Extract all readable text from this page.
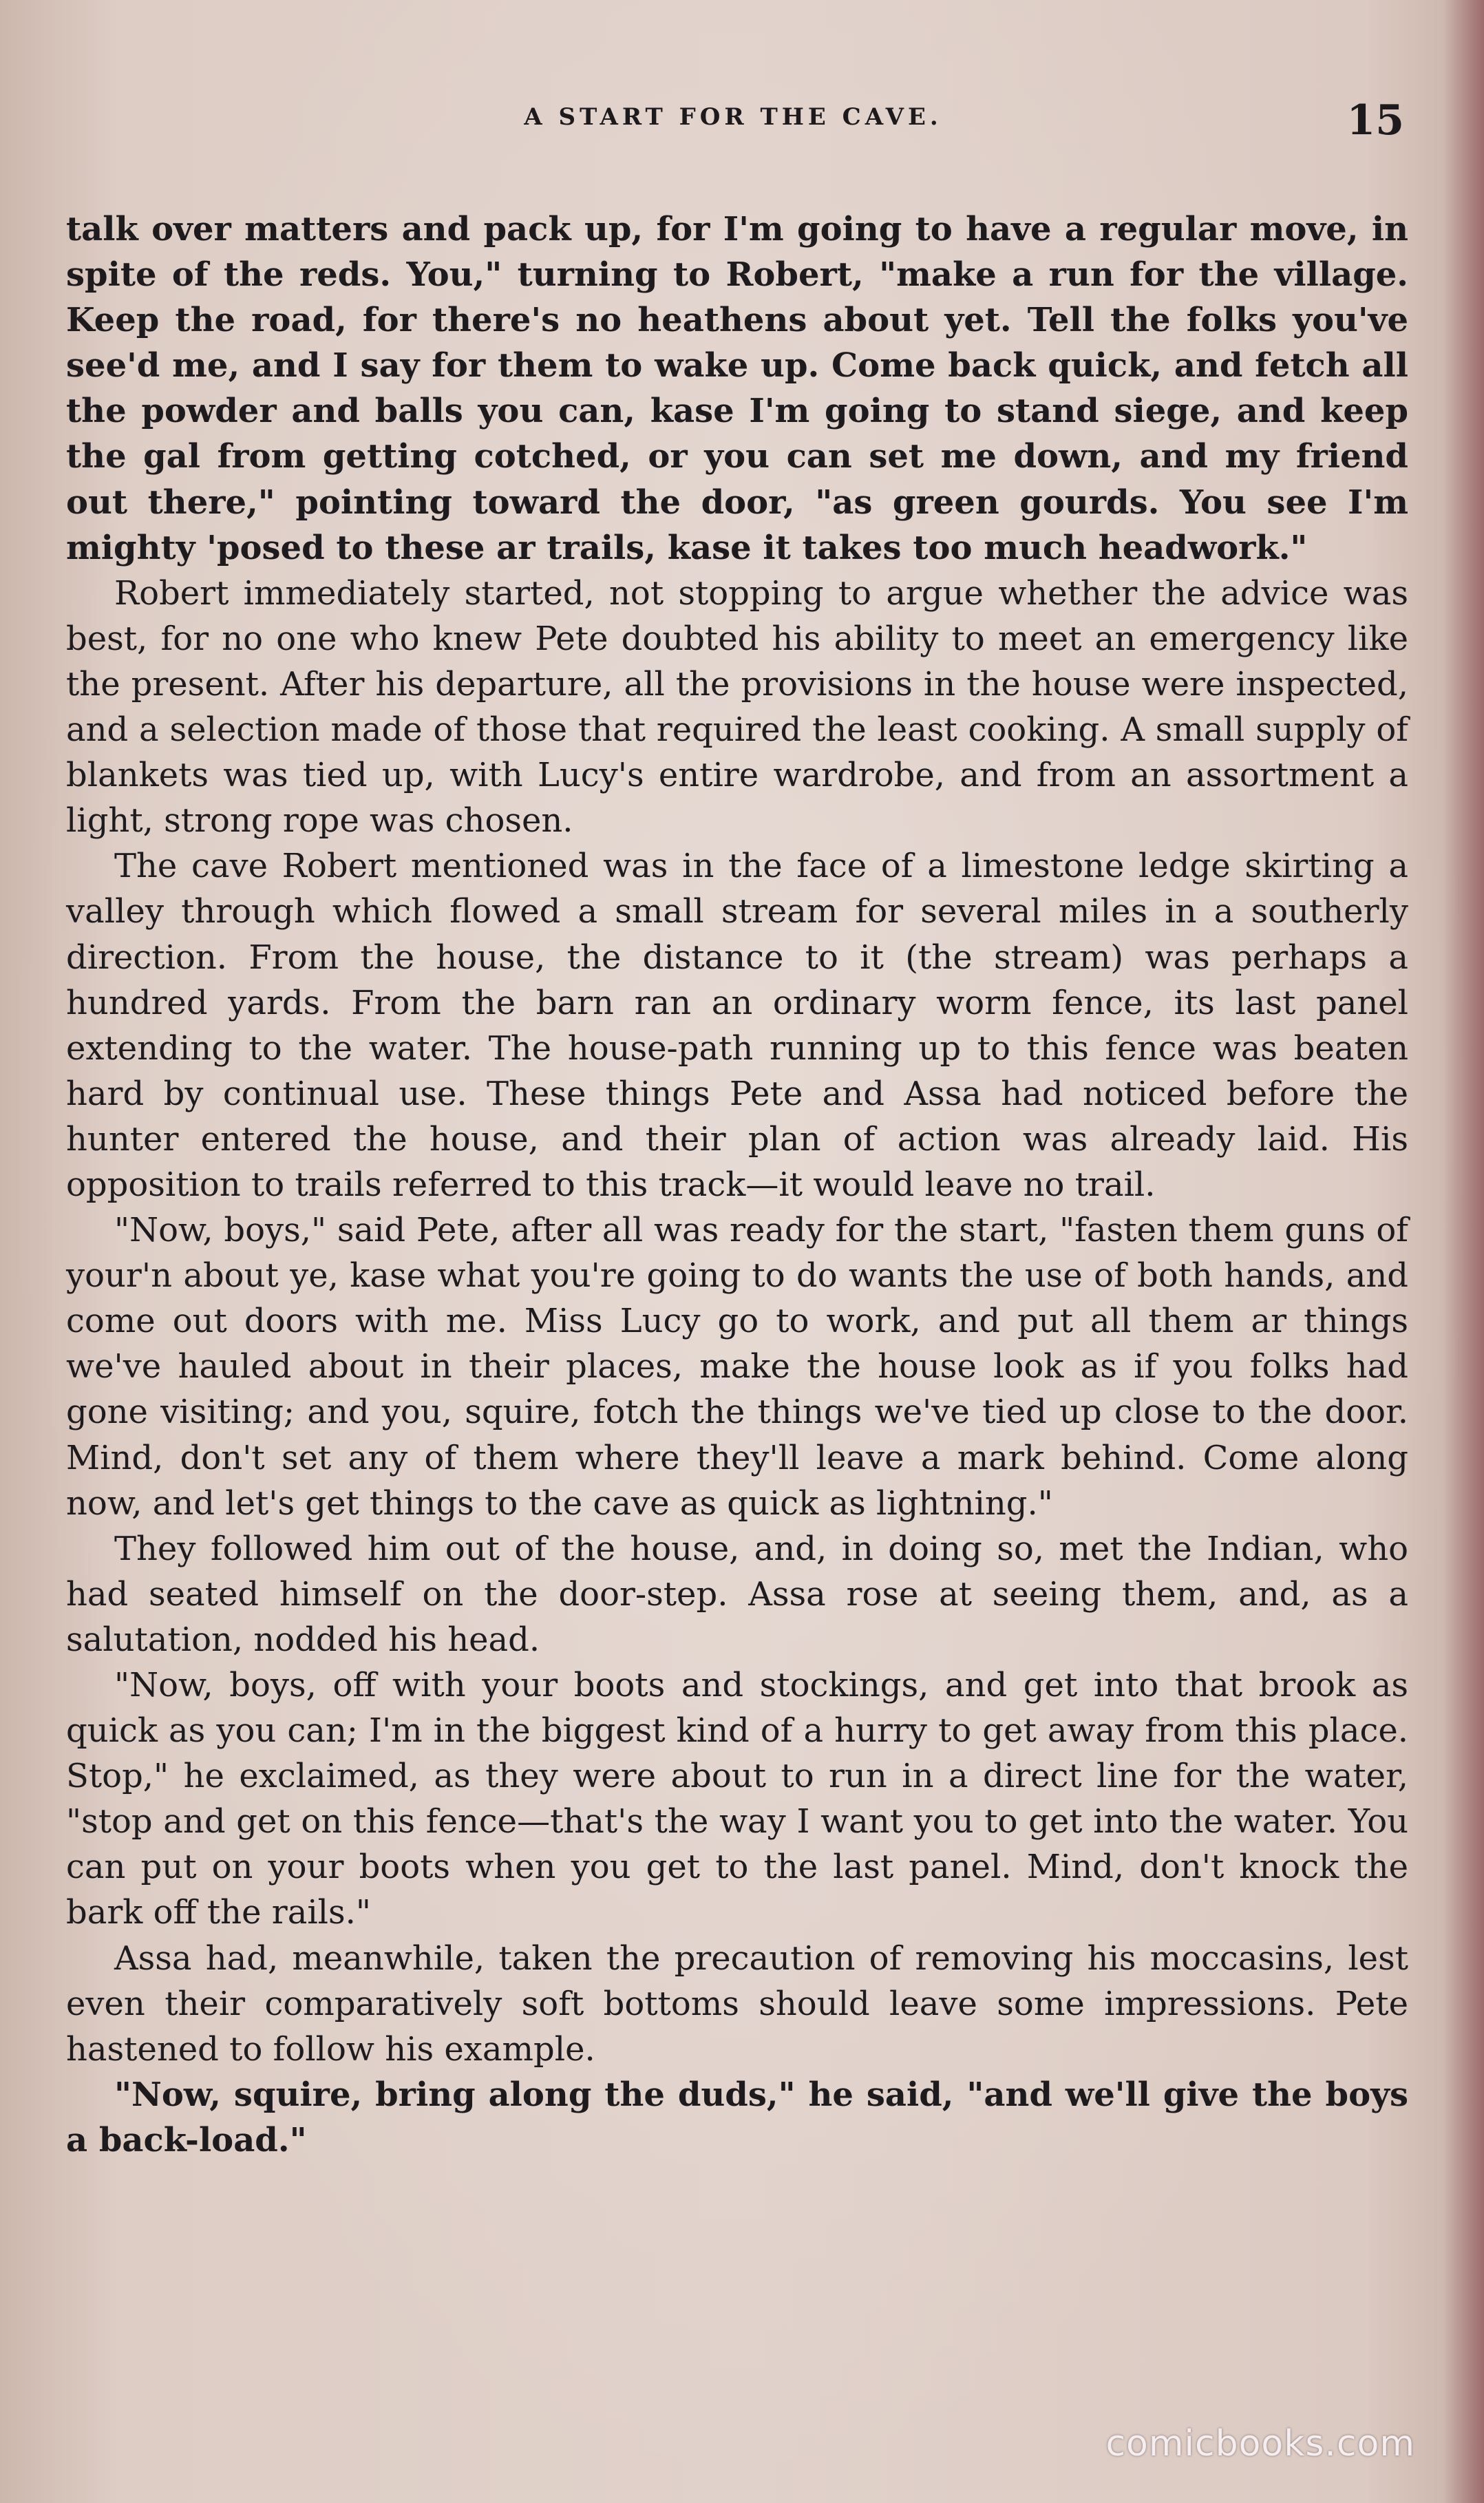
A START FOR THE CAVE.	15

talk over matters and pack up, for I'm going to have a regular move, in spite of the reds. You," turning to Robert, "make a run for the village. Keep the road, for there's no heathens about yet. Tell the folks you've see'd me, and I say for them to wake up. Come back quick, and fetch all the powder and balls you can, kase I'm going to stand siege, and keep the gal from getting cotched, or you can set me down, and my friend out there," pointing toward the door, "as green gourds. You see I'm mighty 'posed to these ar trails, kase it takes too much headwork."

Robert immediately started, not stopping to argue whether the advice was best, for no one who knew Pete doubted his ability to meet an emergency like the present. After his departure, all the provisions in the house were inspected, and a selection made of those that required the least cooking. A small supply of blankets was tied up, with Lucy's entire wardrobe, and from an assortment a light, strong rope was chosen.

The cave Robert mentioned was in the face of a limestone ledge skirting a valley through which flowed a small stream for several miles in a southerly direction. From the house, the distance to it (the stream) was perhaps a hundred yards. From the barn ran an ordinary worm fence, its last panel extending to the water. The house-path running up to this fence was beaten hard by continual use. These things Pete and Assa had noticed before the hunter entered the house, and their plan of action was already laid. His opposition to trails referred to this track—it would leave no trail.

"Now, boys," said Pete, after all was ready for the start, "fasten them guns of your'n about ye, kase what you're going to do wants the use of both hands, and come out doors with me. Miss Lucy go to work, and put all them ar things we've hauled about in their places, make the house look as if you folks had gone visiting; and you, squire, fotch the things we've tied up close to the door. Mind, don't set any of them where they'll leave a mark behind. Come along now, and let's get things to the cave as quick as lightning."

They followed him out of the house, and, in doing so, met the Indian, who had seated himself on the door-step. Assa rose at seeing them, and, as a salutation, nodded his head.

"Now, boys, off with your boots and stockings, and get into that brook as quick as you can; I'm in the biggest kind of a hurry to get away from this place. Stop," he exclaimed, as they were about to run in a direct line for the water, "stop and get on this fence—that's the way I want you to get into the water. You can put on your boots when you get to the last panel. Mind, don't knock the bark off the rails."

Assa had, meanwhile, taken the precaution of removing his moccasins, lest even their comparatively soft bottoms should leave some impressions. Pete hastened to follow his example.

"Now, squire, bring along the duds," he said, "and we'll give the boys a back-load."

comicbooks.com
